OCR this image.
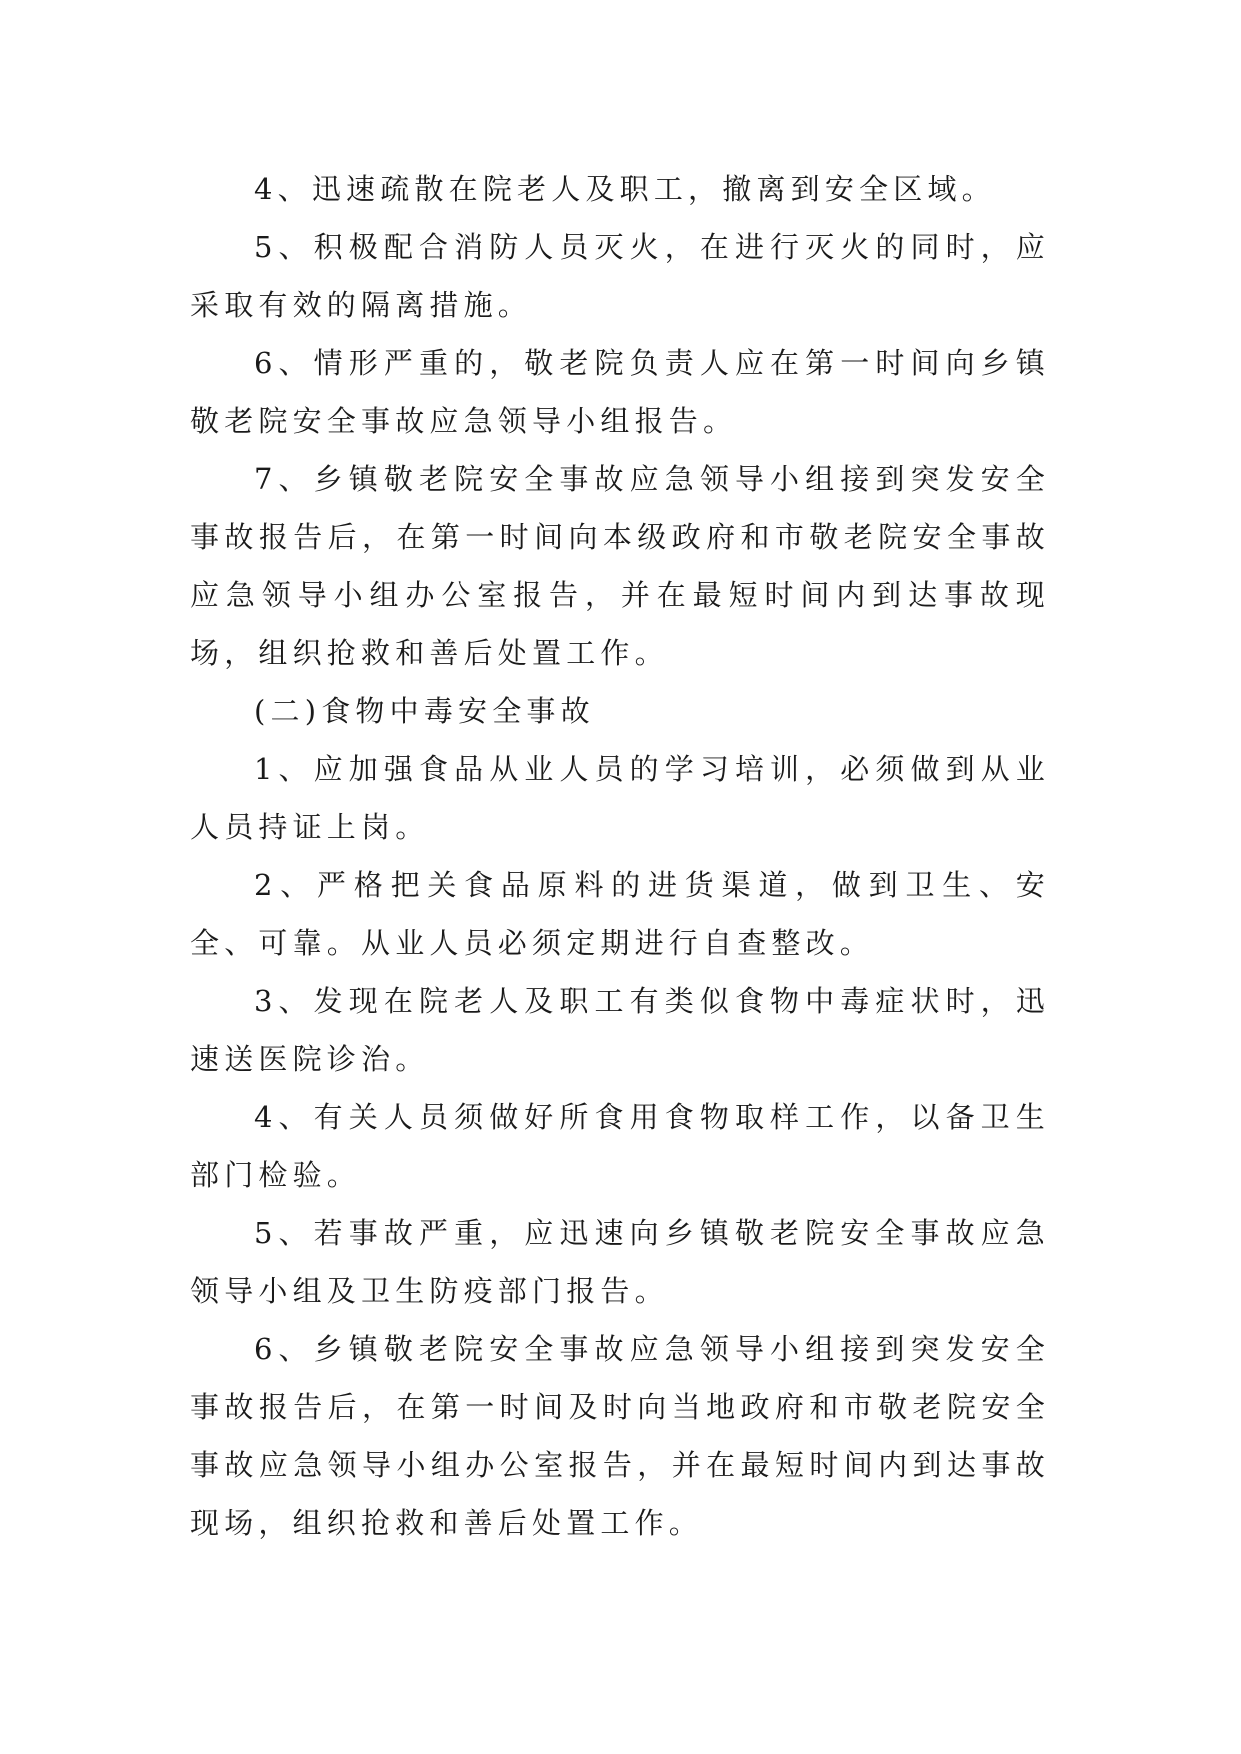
4、迅速疏散在院老人及职工，撤离到安全区域。

5、积极配合消防人员灭火，在进行灭火的同时，应采取有效的隔离措施。

6、情形严重的，敬老院负责人应在第一时间向乡镇敬老院安全事故应急领导小组报告。

7、乡镇敬老院安全事故应急领导小组接到突发安全事故报告后，在第一时间向本级政府和市敬老院安全事故应急领导小组办公室报告，并在最短时间内到达事故现场，组织抢救和善后处置工作。

(二)食物中毒安全事故

1、应加强食品从业人员的学习培训，必须做到从业人员持证上岗。

2、严格把关食品原料的进货渠道，做到卫生、安全、可靠。从业人员必须定期进行自查整改。

3、发现在院老人及职工有类似食物中毒症状时，迅速送医院诊治。

4、有关人员须做好所食用食物取样工作，以备卫生部门检验。

5、若事故严重，应迅速向乡镇敬老院安全事故应急领导小组及卫生防疫部门报告。

6、乡镇敬老院安全事故应急领导小组接到突发安全事故报告后，在第一时间及时向当地政府和市敬老院安全事故应急领导小组办公室报告，并在最短时间内到达事故现场，组织抢救和善后处置工作。
